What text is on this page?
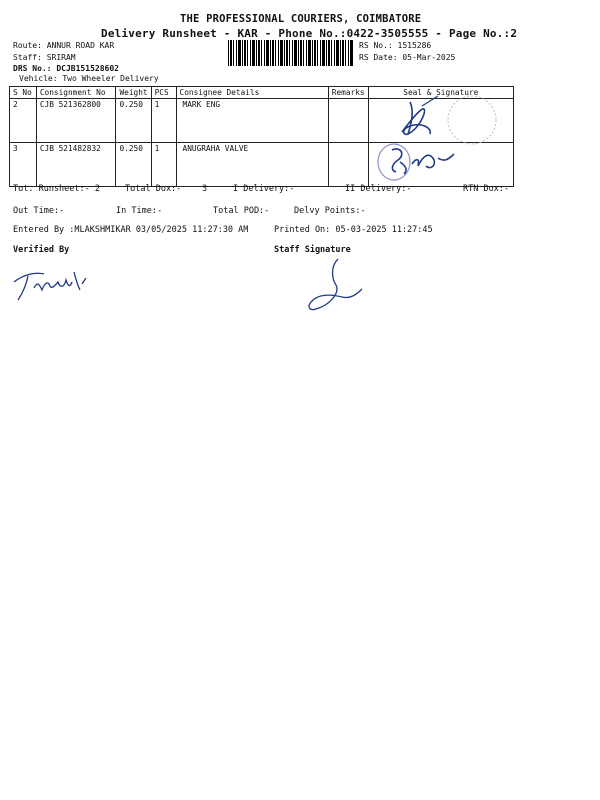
THE PROFESSIONAL COURIERS, COIMBATORE
Delivery Runsheet - KAR - Phone No.:0422-3505555 - Page No.:2
Route: ANNUR ROAD KAR
Staff: SRIRAM
DRS No.: DCJB151528602
Vehicle: Two Wheeler Delivery
RS No.: 1515286
RS Date: 05-Mar-2025
S No	Consignment No	Weight	PCS	Consignee Details	Remarks	Seal & Signature
2	CJB 521362800	0.250	1	MARK ENG		
3	CJB 521482832	0.250	1	ANUGRAHA VALVE		
Tot. Runsheet:- 2	Total Dox:- 3	I Delivery:-	II Delivery:-	RTN Dox:-
Out Time:-	In Time:-	Total POD:-	Delvy Points:-
Entered By :MLAKSHMIKAR 03/05/2025 11:27:30 AM	Printed On: 05-03-2025 11:27:45
Verified By	Staff Signature
